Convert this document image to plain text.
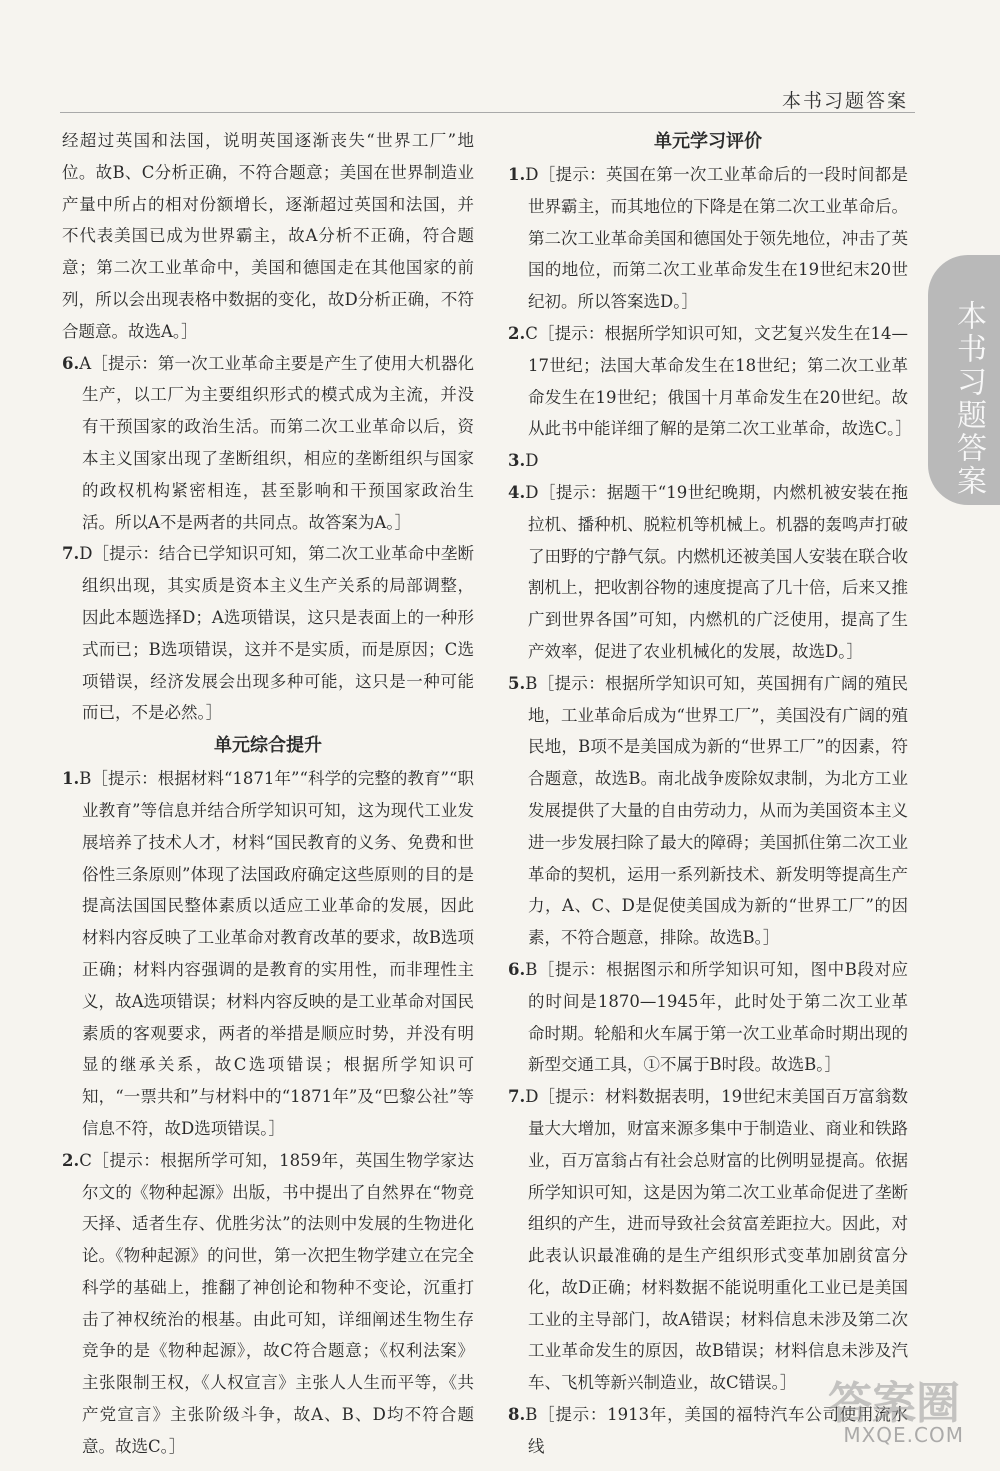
本书习题答案
本书习题答案
经超过英国和法国，说明英国逐渐丧失“世界工厂”地位。故B、C分析正确，不符合题意；美国在世界制造业产量中所占的相对份额增长，逐渐超过英国和法国，并不代表美国已成为世界霸主，故A分析不正确，符合题意；第二次工业革命中，美国和德国走在其他国家的前列，所以会出现表格中数据的变化，故D分析正确，不符合题意。故选A。］
6.A［提示：第一次工业革命主要是产生了使用大机器化生产，以工厂为主要组织形式的模式成为主流，并没有干预国家的政治生活。而第二次工业革命以后，资本主义国家出现了垄断组织，相应的垄断组织与国家的政权机构紧密相连，甚至影响和干预国家政治生活。所以A不是两者的共同点。故答案为A。］
7.D［提示：结合已学知识可知，第二次工业革命中垄断组织出现，其实质是资本主义生产关系的局部调整，因此本题选择D；A选项错误，这只是表面上的一种形式而已；B选项错误，这并不是实质，而是原因；C选项错误，经济发展会出现多种可能，这只是一种可能而已，不是必然。］
单元综合提升
1.B［提示：根据材料“1871年”“科学的完整的教育”“职业教育”等信息并结合所学知识可知，这为现代工业发展培养了技术人才，材料“国民教育的义务、免费和世俗性三条原则”体现了法国政府确定这些原则的目的是提高法国国民整体素质以适应工业革命的发展，因此材料内容反映了工业革命对教育改革的要求，故B选项正确；材料内容强调的是教育的实用性，而非理性主义，故A选项错误；材料内容反映的是工业革命对国民素质的客观要求，两者的举措是顺应时势，并没有明显的继承关系，故C选项错误；根据所学知识可知，“一票共和”与材料中的“1871年”及“巴黎公社”等信息不符，故D选项错误。］
2.C［提示：根据所学可知，1859年，英国生物学家达尔文的《物种起源》出版，书中提出了自然界在“物竞天择、适者生存、优胜劣汰”的法则中发展的生物进化论。《物种起源》的问世，第一次把生物学建立在完全科学的基础上，推翻了神创论和物种不变论，沉重打击了神权统治的根基。由此可知，详细阐述生物生存竞争的是《物种起源》，故C符合题意；《权利法案》主张限制王权，《人权宣言》主张人人生而平等，《共产党宣言》主张阶级斗争，故A、B、D均不符合题意。故选C。］
单元学习评价
1.D［提示：英国在第一次工业革命后的一段时间都是世界霸主，而其地位的下降是在第二次工业革命后。第二次工业革命美国和德国处于领先地位，冲击了英国的地位，而第二次工业革命发生在19世纪末20世纪初。所以答案选D。］
2.C［提示：根据所学知识可知，文艺复兴发生在14—17世纪；法国大革命发生在18世纪；第二次工业革命发生在19世纪；俄国十月革命发生在20世纪。故从此书中能详细了解的是第二次工业革命，故选C。］
3.D
4.D［提示：据题干“19世纪晚期，内燃机被安装在拖拉机、播种机、脱粒机等机械上。机器的轰鸣声打破了田野的宁静气氛。内燃机还被美国人安装在联合收割机上，把收割谷物的速度提高了几十倍，后来又推广到世界各国”可知，内燃机的广泛使用，提高了生产效率，促进了农业机械化的发展，故选D。］
5.B［提示：根据所学知识可知，英国拥有广阔的殖民地，工业革命后成为“世界工厂”，美国没有广阔的殖民地，B项不是美国成为新的“世界工厂”的因素，符合题意，故选B。南北战争废除奴隶制，为北方工业发展提供了大量的自由劳动力，从而为美国资本主义进一步发展扫除了最大的障碍；美国抓住第二次工业革命的契机，运用一系列新技术、新发明等提高生产力，A、C、D是促使美国成为新的“世界工厂”的因素，不符合题意，排除。故选B。］
6.B［提示：根据图示和所学知识可知，图中B段对应的时间是1870—1945年，此时处于第二次工业革命时期。轮船和火车属于第一次工业革命时期出现的新型交通工具，①不属于B时段。故选B。］
7.D［提示：材料数据表明，19世纪末美国百万富翁数量大大增加，财富来源多集中于制造业、商业和铁路业，百万富翁占有社会总财富的比例明显提高。依据所学知识可知，这是因为第二次工业革命促进了垄断组织的产生，进而导致社会贫富差距拉大。因此，对此表认识最准确的是生产组织形式变革加剧贫富分化，故D正确；材料数据不能说明重化工业已是美国工业的主导部门，故A错误；材料信息未涉及第二次工业革命发生的原因，故B错误；材料信息未涉及汽车、飞机等新兴制造业，故C错误。］
8.B［提示：1913年，美国的福特汽车公司使用流水线
答案圈
MXQE.COM
